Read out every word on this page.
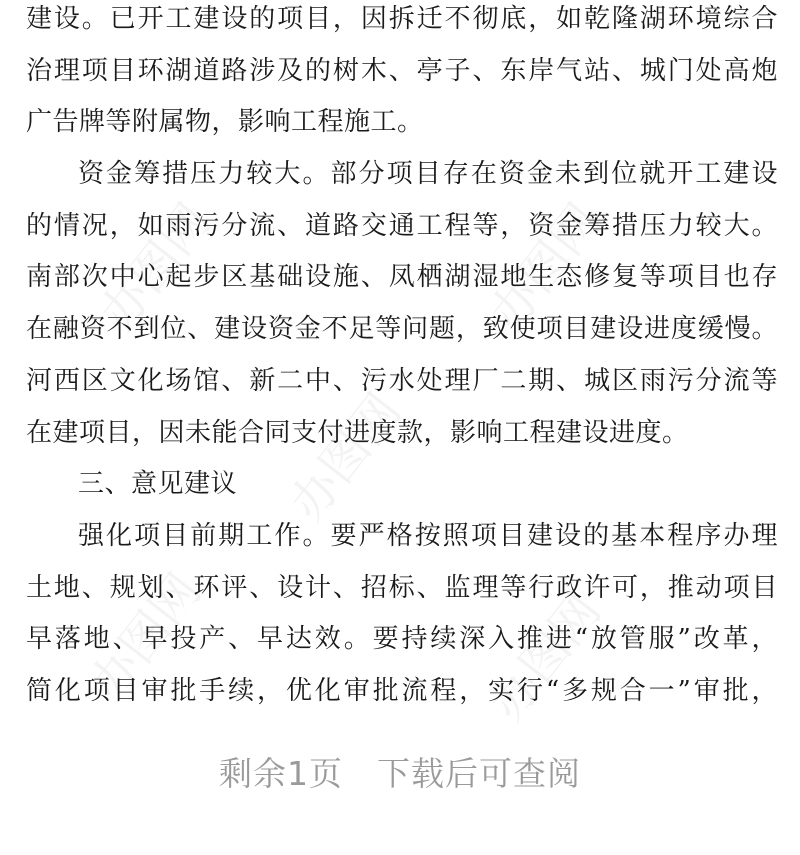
办图网
办图网
办图网
办图网
办图网
建设。已开工建设的项目，因拆迁不彻底，如乾隆湖环境综合
治理项目环湖道路涉及的树木、亭子、东岸气站、城门处高炮
广告牌等附属物，影响工程施工。
资金筹措压力较大。部分项目存在资金未到位就开工建设
的情况，如雨污分流、道路交通工程等，资金筹措压力较大。
南部次中心起步区基础设施、凤栖湖湿地生态修复等项目也存
在融资不到位、建设资金不足等问题，致使项目建设进度缓慢。
河西区文化场馆、新二中、污水处理厂二期、城区雨污分流等
在建项目，因未能合同支付进度款，影响工程建设进度。
三、意见建议
强化项目前期工作。要严格按照项目建设的基本程序办理
土地、规划、环评、设计、招标、监理等行政许可，推动项目
早落地、早投产、早达效。要持续深入推进“放管服”改革，
简化项目审批手续，优化审批流程，实行“多规合一”审批，
剩余1页 下载后可查阅
